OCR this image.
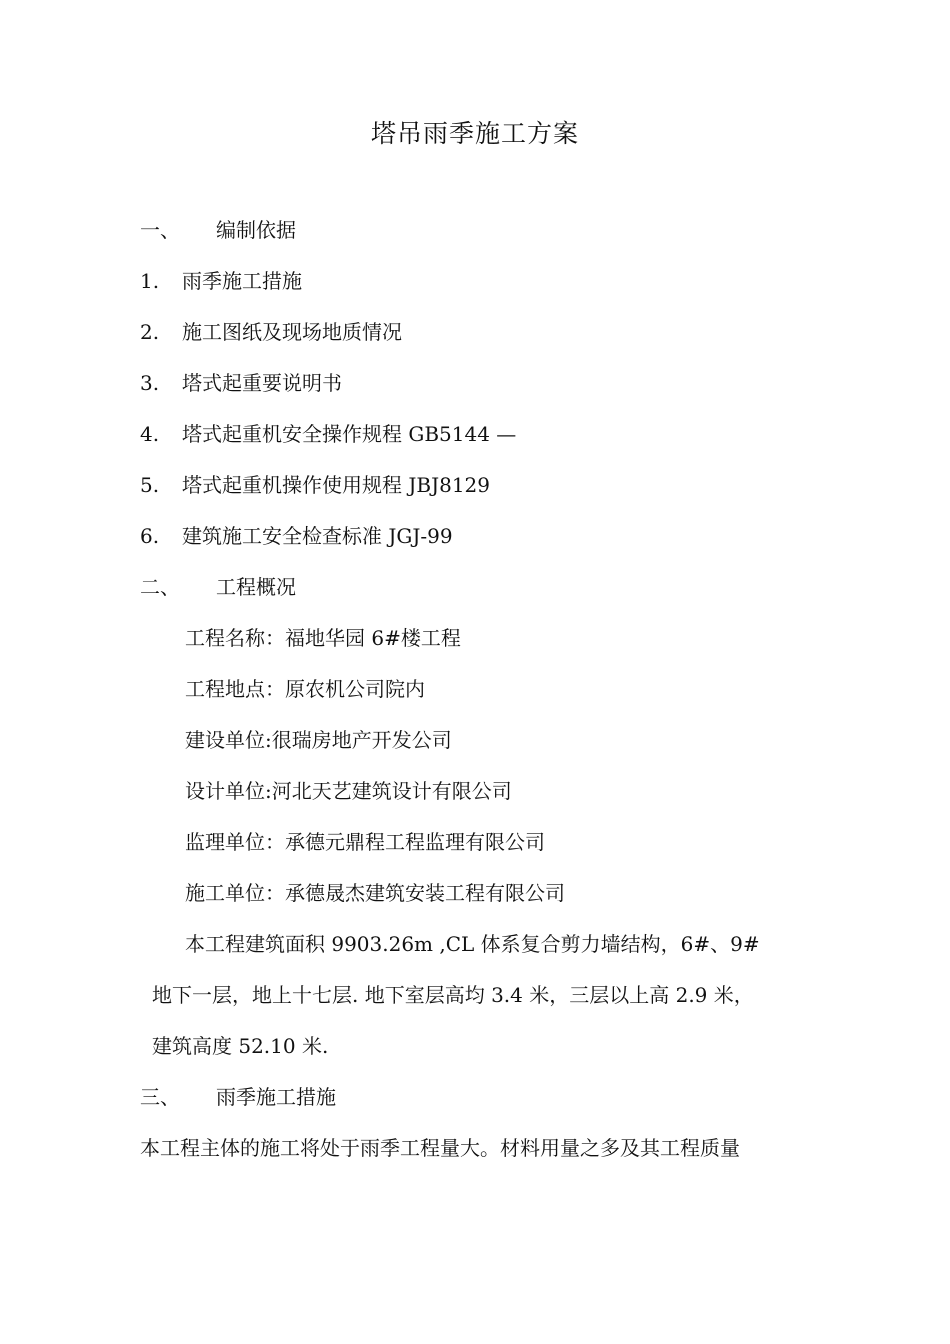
塔吊雨季施工方案
一、 编制依据
1. 雨季施工措施
2. 施工图纸及现场地质情况
3. 塔式起重要说明书
4. 塔式起重机安全操作规程 GB5144 —
5. 塔式起重机操作使用规程 JBJ8129
6. 建筑施工安全检查标准 JGJ-99
二、 工程概况
工程名称：福地华园 6#楼工程
工程地点：原农机公司院内
建设单位:很瑞房地产开发公司
设计单位:河北天艺建筑设计有限公司
监理单位：承德元鼎程工程监理有限公司
施工单位：承德晟杰建筑安装工程有限公司
本工程建筑面积 9903.26m ,CL 体系复合剪力墙结构，6#、9#
地下一层，地上十七层. 地下室层高均 3.4 米，三层以上高 2.9 米，
建筑高度 52.10 米.
三、 雨季施工措施
本工程主体的施工将处于雨季工程量大。材料用量之多及其工程质量
